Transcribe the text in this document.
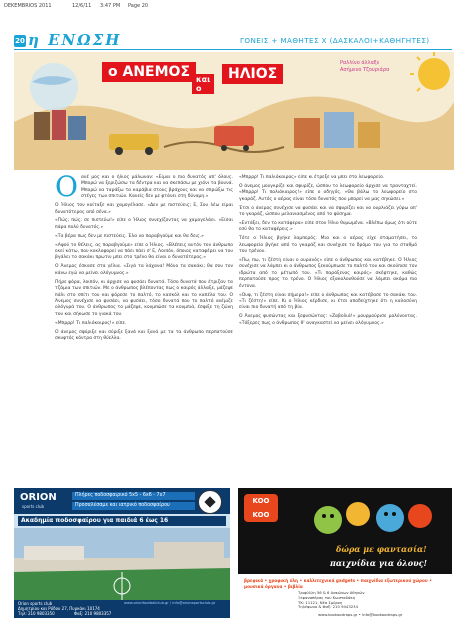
DEKEMBRIOS 2011	12/6/11 3:47 PM Page 20
20 η ΕΝΩΣΗ	ΓΟΝΕΙΣ + ΜΑΘΗΤΕΣ Χ (ΔΑΣΚΑΛΟΙ+ΚΑΘΗΓΗΤΕΣ)
ο ΑΝΕΜΟΣ και ο
ΗΛΙΟΣ
Ραλλίνο άλλαξε
Ασήμενο Τζουριάρα

Οανέ μος και ο ήλιος μάλωναν: «Είμαι ο πιο δυνατός απ' όλους. Μπορώ να ξεριζώσω τα δέντρα και να σκεπάσω με χιόνι τα βουνά. Μπορώ να ταράξω τα καράβια στους βράχους και να σπρώξω τις στέγες των σπιτιών. Κανείς δεν με φτάνει στη δύναμη.»

Ο Ήλιος τον κοίταξε και χαμογέλασε. «Δεν με πιστεύεις; Ε, Σου λέω είμαι δυνατότερος από σένα.»

«Πώς; πώς; σε πιστεύω!» είπε ο Ήλιος συνεχίζοντας να χαμογελάει. «Είσαι πάρα πολύ δυνατός.»

«Τα βέρα πως δεν με πιστεύεις. Έλα να παραβγούμε και θα δεις.»

«Αφού το θέλεις, ας παραβγούμε» είπε ο Ήλιος. «Βλέπεις αυτόν τον άνθρωπο εκεί κάτω, που κυκλοφορεί να πάει πάει σ' Ε, Λοιπόν, όποιος καταφέρει να του βγάλει το σακάκι πρωτιν μπει στο τρένο θα είναι ο δυνατότερος.»

Ο Άνεμος έσκασε στα γέλια. «Σιγά τα λάχανα! Μόνο τα σακάκι; θα σου τον κάνω εγώ να μείνει ολόγυμνος.»

Πήρε φόρα, λοιπόν, κι άρχισε να φυσάει δυνατά. Τόσο δυνατά που έτριζαν τα τζάμια των σπιτιών. Με ο άνθρωπος βλέποντας πως ο καιρός άλλαξε, μάζεψε πάλι στο σπίτι του και φόρεσε το παλτό, το κασκόλ και το καπέλο του. Ο Άνεμος συνέχισε να φυσάει, να φυσάει, τόσο δυνατά που το παλτό ανέμιζε ολόγυρά του. Ο άνθρωπος το μάζεψε, κουμπώσε τα κουμπιά, έσφιξε τη ζώνη του και σήκωσε το γιακά του.

«Μπρρρ! Τι παλιόκαιρος!» είπε.

Ο άνεμος σφύριξε και σύριξε ξανά και ξανά με τα τα άνθρωπο περπατούσε σκυφτός κόντρα στη θύελλα.

«Μπρρρ! Τι παλιόκαιρος» είπε κι έτρεξε να μπει στο λεωφορείο.

Ο άνεμος μουγκρίζε και σφυρίζε, ώσπου το λεωφορείο άρχισε να τρανταχτεί. «Μπρρρ! Τι παλιόκαιρος!» είπε ο οδηγός. «Θα βάλω το λεωφορείο στο γκαράζ. Αυτός ο αέρας είναι τόσο δυνατός που μπορεί να μας σηκώσει.»

Έτσι ο άνεμος συνέχισε να φυσάει και να σφυρίζει και να ουρλιάζει γύρω απ' το γκαράζ, ώσπου μελανιασμένος από το φύσημα.

«Εντάξει, δεν το κατάφερα» είπε στον Ήλιο θυμωμένα. «Βλέπω όμως ότι ούτε εσύ θα το καταφέρεις.»

Τότε ο Ήλιος βγήκε λαμπερός. Μια και ο αέρας είχε σταματήσει, το λεωφορείο βγήκε από το γκαράζ και συνέχισε το δρόμο του για το σταθμό του τρένου.

«Πω, πω, τι ζέστη είναι ο ουρανός» είπε ο άνθρωπος και κατέβηκε. Ο Ήλιος συνέχισε να λάμπει κι ο άνθρωπος ξεκούμπωσε το παλτό του και σκούπισε τον ιδρώτα από το μέτωπό του. «Τι παράξενος καιρός» σκέφτηκε, καθώς περπατούσε προς το τρένο. Ο Ήλιος εξακολουθούσε να λάμπει ακόμα πιο έντονα.

«Ουφ, τι ζέστη είναι σήμερα!» είπε ο άνθρωπος και κατέβασε το σακάκι του. «Τι ζέστη!» είπε. Κι ο Ήλιος κέρδισε, κι έτσι αποδείχτηκε ότι η καλοσύνη είναι πιο δυνατή από τη βία.

Ο Άνεμος φυσώντας και ξεφυσώντας: «Ζαβολιά!» μουρμούρισε μολύνοντας. «Τόξερες πως ο άνθρωπος θ' αναγκαστεί να μείνει ολόγυμνος.»

ORION
sports club
Πλήρες ποδοσφαιρικό 5x5 - 6x6 - 7x7
Προσαλέσαμε και ιατρικό ποδοσφαίρου
Ακαδημία ποδοσφαίρου για παιδιά 6 έως 16
Orion sports club
Δημητρίου και Ρόδου 27, Πυρκάκι 10174
Τηλ: 210 9803350	Φαξ: 210 9803357
www.orionfootballclub.gr / info@orionsportsclub.gr
KOO KOO
δώρα με φαντασία!
παιχνίδια για όλους!
βρεφικά • χροφική ύλη • καλλιτεχνικά gadgets • παιχνίδια εξωτερικού χώρου • μουσικά όργανα • βιβλία
Τριφύλλη 56 & 6 Ασκώνων Αθηνών
Ξεφαναπέρας του Κωσταδάκη
ΤΚ: 11121, Νέα Σμύρνη
Τηλέφωνο & Φαξ: 210 9443234
www.kookoodraps.gr • info@kookoodraps.gr
